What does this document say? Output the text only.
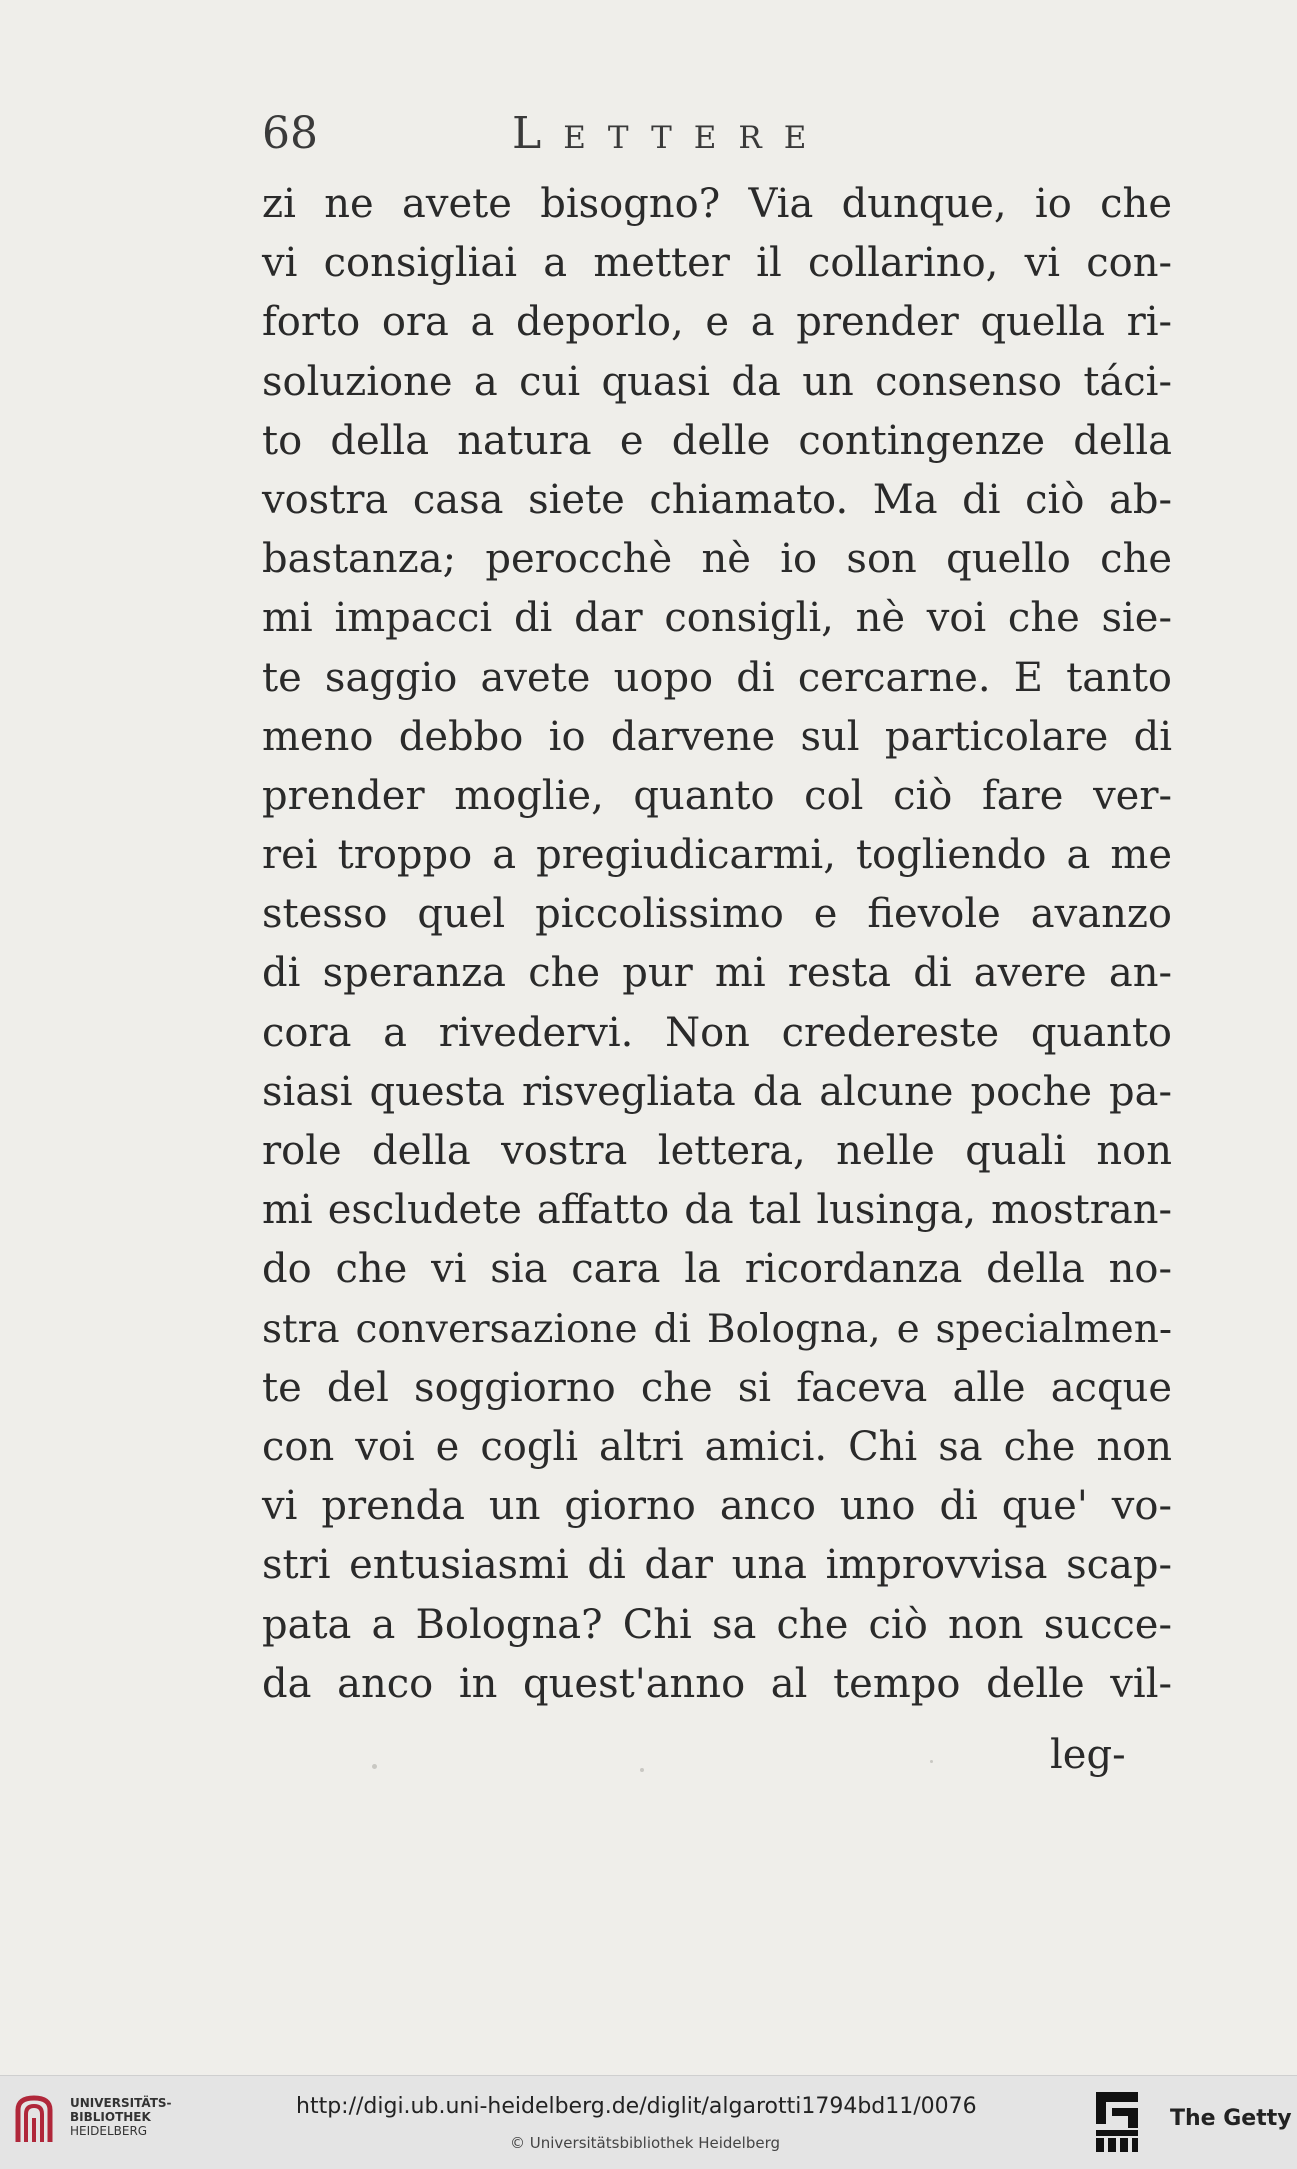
68	Lettere
zi ne avete bisogno? Via dunque, io che
vi consigliai a metter il collarino, vi con-
forto ora a deporlo, e a prender quella ri-
soluzione a cui quasi da un consenso táci-
to della natura e delle contingenze della
vostra casa siete chiamato. Ma di ciò ab-
bastanza; perocchè nè io son quello che
mi impacci di dar consigli, nè voi che sie-
te saggio avete uopo di cercarne. E tanto
meno debbo io darvene sul particolare di
prender moglie, quanto col ciò fare ver-
rei troppo a pregiudicarmi, togliendo a me
stesso quel piccolissimo e fievole avanzo
di speranza che pur mi resta di avere an-
cora a rivedervi. Non credereste quanto
siasi questa risvegliata da alcune poche pa-
role della vostra lettera, nelle quali non
mi escludete affatto da tal lusinga, mostran-
do che vi sia cara la ricordanza della no-
stra conversazione di Bologna, e specialmen-
te del soggiorno che si faceva alle acque
con voi e cogli altri amici. Chi sa che non
vi prenda un giorno anco uno di que' vo-
stri entusiasmi di dar una improvvisa scap-
pata a Bologna? Chi sa che ciò non succe-
da anco in quest'anno al tempo delle vil-
leg-
UNIVERSITÄTS-
BIBLIOTHEK
HEIDELBERG
http://digi.ub.uni-heidelberg.de/diglit/algarotti1794bd11/0076
© Universitätsbibliothek Heidelberg
The Getty
